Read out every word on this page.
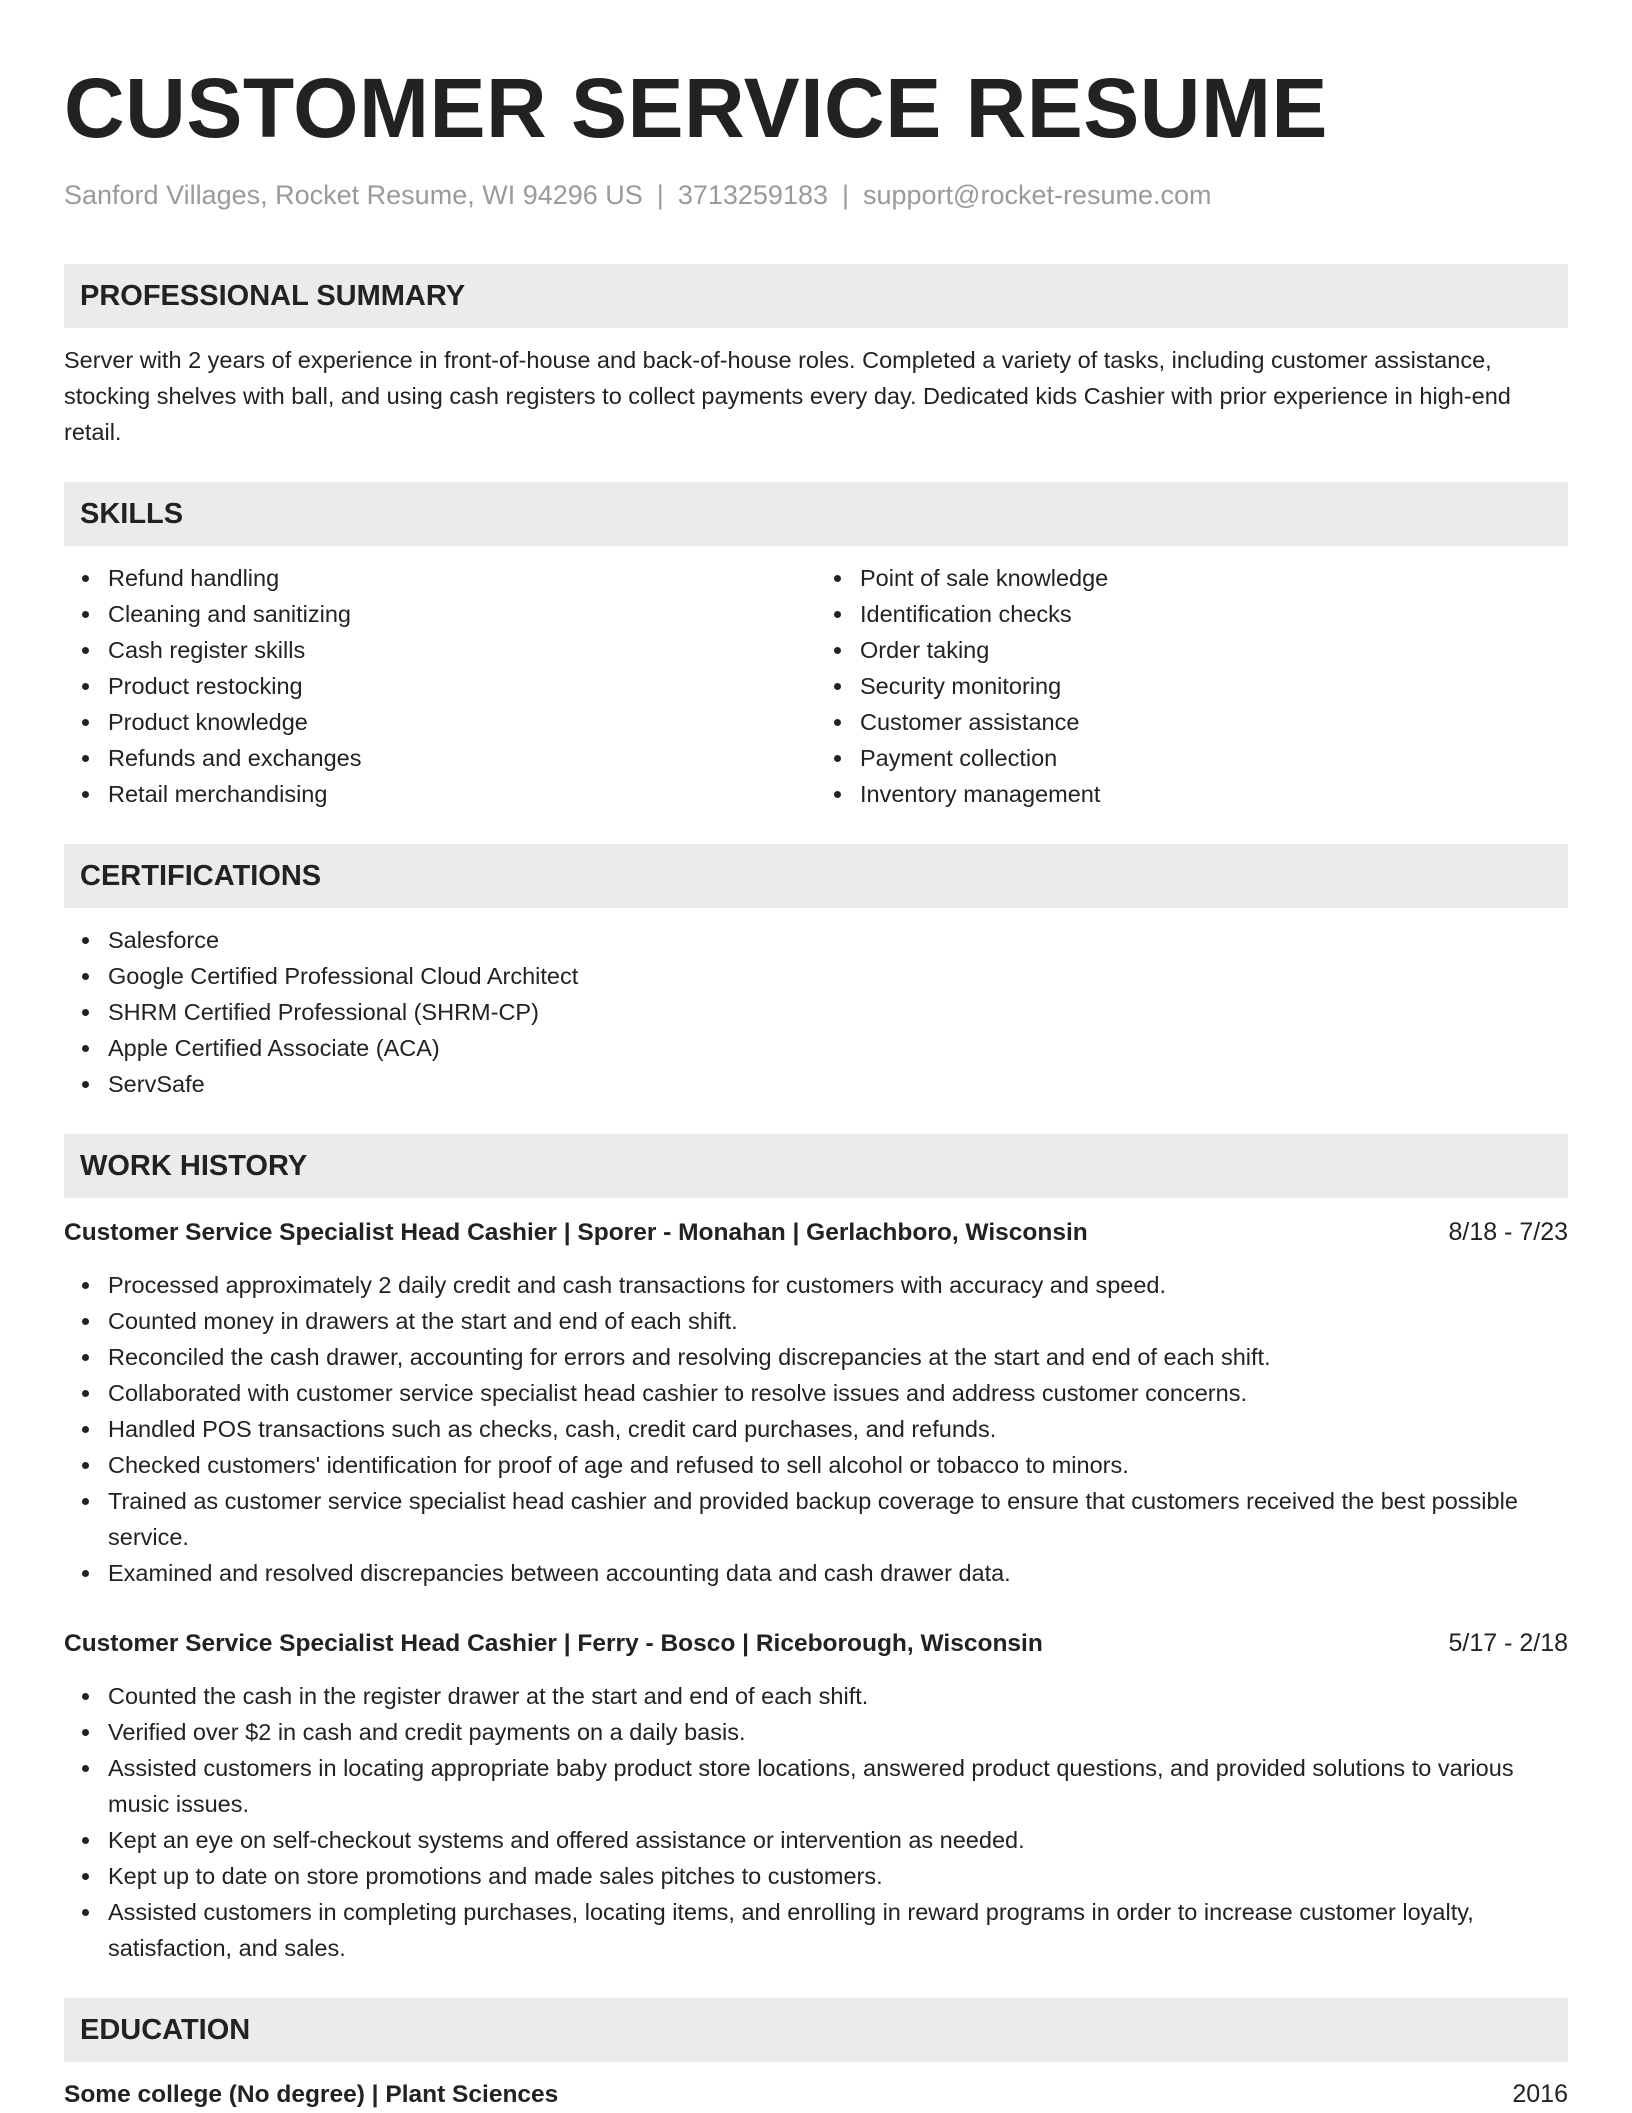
CUSTOMER SERVICE RESUME
Sanford Villages, Rocket Resume, WI 94296 US | 3713259183 | support@rocket-resume.com
PROFESSIONAL SUMMARY

Server with 2 years of experience in front-of-house and back-of-house roles. Completed a variety of tasks, including customer assistance, stocking shelves with ball, and using cash registers to collect payments every day. Dedicated kids Cashier with prior experience in high-end retail.

SKILLS
Refund handling
Cleaning and sanitizing
Cash register skills
Product restocking
Product knowledge
Refunds and exchanges
Retail merchandising
Point of sale knowledge
Identification checks
Order taking
Security monitoring
Customer assistance
Payment collection
Inventory management
CERTIFICATIONS
Salesforce
Google Certified Professional Cloud Architect
SHRM Certified Professional (SHRM-CP)
Apple Certified Associate (ACA)
ServSafe
WORK HISTORY
Customer Service Specialist Head Cashier | Sporer - Monahan | Gerlachboro, Wisconsin	8/18 - 7/23
Processed approximately 2 daily credit and cash transactions for customers with accuracy and speed.
Counted money in drawers at the start and end of each shift.
Reconciled the cash drawer, accounting for errors and resolving discrepancies at the start and end of each shift.
Collaborated with customer service specialist head cashier to resolve issues and address customer concerns.
Handled POS transactions such as checks, cash, credit card purchases, and refunds.
Checked customers' identification for proof of age and refused to sell alcohol or tobacco to minors.
Trained as customer service specialist head cashier and provided backup coverage to ensure that customers received the best possible service.
Examined and resolved discrepancies between accounting data and cash drawer data.
Customer Service Specialist Head Cashier | Ferry - Bosco | Riceborough, Wisconsin	5/17 - 2/18
Counted the cash in the register drawer at the start and end of each shift.
Verified over $2 in cash and credit payments on a daily basis.
Assisted customers in locating appropriate baby product store locations, answered product questions, and provided solutions to various music issues.
Kept an eye on self-checkout systems and offered assistance or intervention as needed.
Kept up to date on store promotions and made sales pitches to customers.
Assisted customers in completing purchases, locating items, and enrolling in reward programs in order to increase customer loyalty, satisfaction, and sales.
EDUCATION
Some college (No degree) | Plant Sciences	2016
